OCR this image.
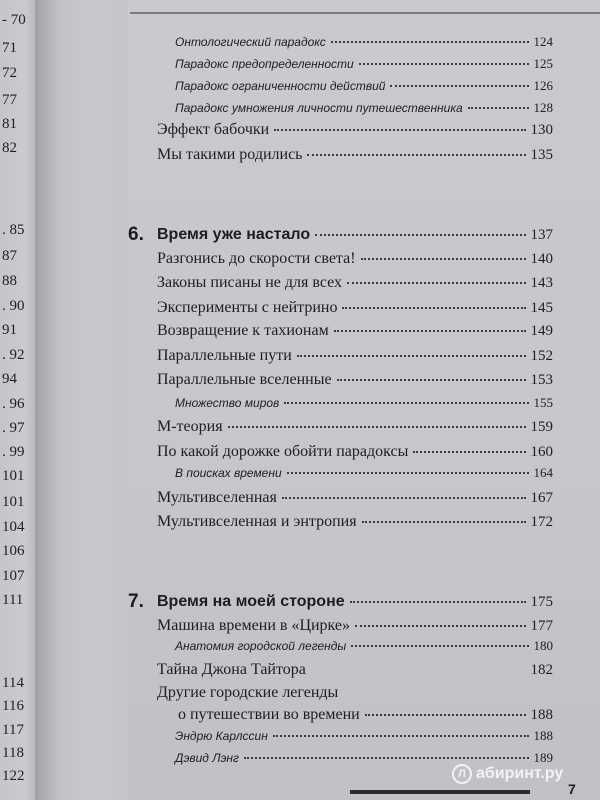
- 70
71
72
77
81
82
. 85
87
88
. 90
91
. 92
94
. 96
. 97
. 99
101
101
104
106
107
111
114
116
117
118
122
Онтологический парадокс	124
Парадокс предопределенности	125
Парадокс ограниченности действий	126
Парадокс умножения личности путешественника	128
Эффект бабочки	130
Мы такими родились	135
6. Время уже настало	137
Разгонись до скорости света!	140
Законы писаны не для всех	143
Эксперименты с нейтрино	145
Возвращение к тахионам	149
Параллельные пути	152
Параллельные вселенные	153
Множество миров	155
М-теория	159
По какой дорожке обойти парадоксы	160
В поисках времени	164
Мультивселенная	167
Мультивселенная и энтропия	172
7. Время на моей стороне	175
Машина времени в «Цирке»	177
Анатомия городской легенды	180
Тайна Джона Тайтора	182
Другие городские легенды
о путешествии во времени	188
Эндрю Карлссин	188
Дэвид Лэнг	189
7
Л абиринт.ру
